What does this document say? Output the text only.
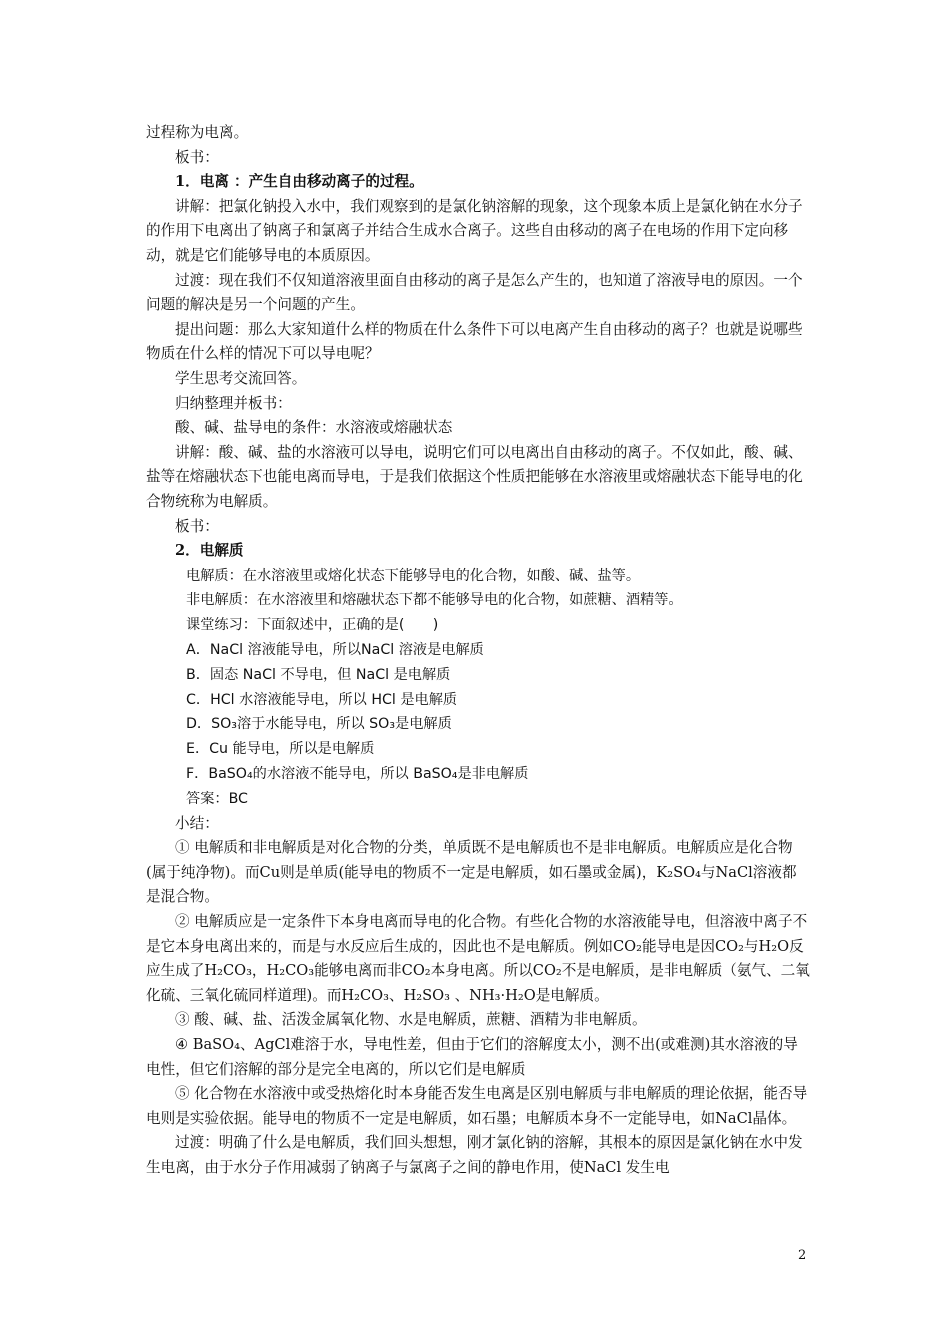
过程称为电离。

板书：

1．电离 ：产生自由移动离子的过程。

讲解：把氯化钠投入水中，我们观察到的是氯化钠溶解的现象，这个现象本质上是氯化钠在水分子的作用下电离出了钠离子和氯离子并结合生成水合离子。这些自由移动的离子在电场的作用下定向移动，就是它们能够导电的本质原因。

过渡：现在我们不仅知道溶液里面自由移动的离子是怎么产生的，也知道了溶液导电的原因。一个问题的解决是另一个问题的产生。

提出问题：那么大家知道什么样的物质在什么条件下可以电离产生自由移动的离子？也就是说哪些物质在什么样的情况下可以导电呢？

学生思考交流回答。

归纳整理并板书：

酸、碱、盐导电的条件：水溶液或熔融状态

讲解：酸、碱、盐的水溶液可以导电，说明它们可以电离出自由移动的离子。不仅如此，酸、碱、盐等在熔融状态下也能电离而导电，于是我们依据这个性质把能够在水溶液里或熔融状态下能导电的化合物统称为电解质。

板书：

2．电解质

电解质：在水溶液里或熔化状态下能够导电的化合物，如酸、碱、盐等。

非电解质：在水溶液里和熔融状态下都不能够导电的化合物，如蔗糖、酒精等。

课堂练习：下面叙述中，正确的是(　　)

A．NaCl 溶液能导电，所以NaCl 溶液是电解质

B．固态 NaCl 不导电，但 NaCl 是电解质

C．HCl 水溶液能导电，所以 HCl 是电解质

D．SO₃溶于水能导电，所以 SO₃是电解质

E．Cu 能导电，所以是电解质

F．BaSO₄的水溶液不能导电，所以 BaSO₄是非电解质

答案：BC

小结：

① 电解质和非电解质是对化合物的分类，单质既不是电解质也不是非电解质。电解质应是化合物(属于纯净物)。而Cu则是单质(能导电的物质不一定是电解质，如石墨或金属)，K₂SO₄与NaCl溶液都是混合物。

② 电解质应是一定条件下本身电离而导电的化合物。有些化合物的水溶液能导电，但溶液中离子不是它本身电离出来的，而是与水反应后生成的，因此也不是电解质。例如CO₂能导电是因CO₂与H₂O反应生成了H₂CO₃，H₂CO₃能够电离而非CO₂本身电离。所以CO₂不是电解质，是非电解质（氨气、二氧化硫、三氧化硫同样道理)。而H₂CO₃、H₂SO₃ 、NH₃·H₂O是电解质。

③ 酸、碱、盐、活泼金属氧化物、水是电解质，蔗糖、酒精为非电解质。

④ BaSO₄、AgCl难溶于水，导电性差，但由于它们的溶解度太小，测不出(或难测)其水溶液的导电性，但它们溶解的部分是完全电离的，所以它们是电解质

⑤ 化合物在水溶液中或受热熔化时本身能否发生电离是区别电解质与非电解质的理论依据，能否导电则是实验依据。能导电的物质不一定是电解质，如石墨；电解质本身不一定能导电，如NaCl晶体。

过渡：明确了什么是电解质，我们回头想想，刚才氯化钠的溶解，其根本的原因是氯化钠在水中发生电离，由于水分子作用减弱了钠离子与氯离子之间的静电作用，使NaCl 发生电

2
